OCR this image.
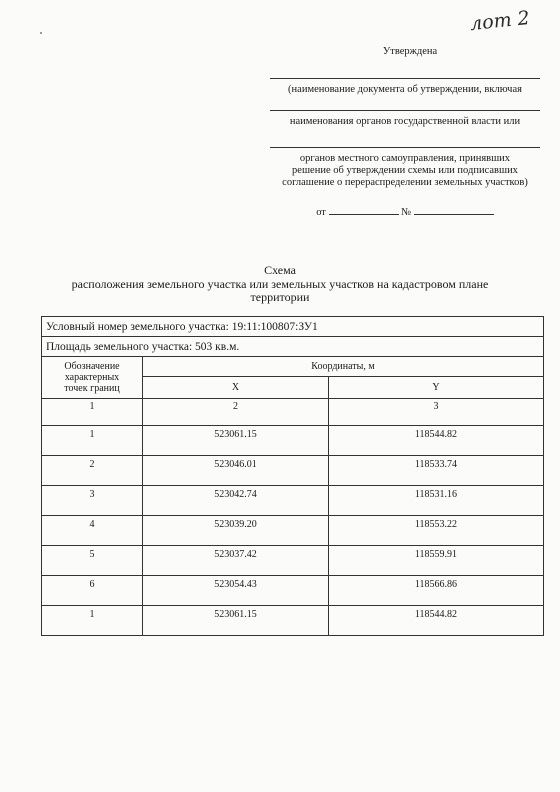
лот 2
Утверждена
(наименование документа об утверждении, включая
наименования органов государственной власти или
органов местного самоуправления, принявших
решение об утверждении схемы или подписавших
соглашение о перераспределении земельных участков)
от	№
Схема
расположения земельного участка или земельных участков на кадастровом плане
территории
Условный номер земельного участка: 19:11:100807:ЗУ1		
Площадь земельного участка: 503 кв.м.		

Обозначение характерных
точек границ	Координаты, м	
	X	Y
1	2	3
1	523061.15	118544.82
2	523046.01	118533.74
3	523042.74	118531.16
4	523039.20	118553.22
5	523037.42	118559.91
6	523054.43	118566.86
1	523061.15	118544.82
